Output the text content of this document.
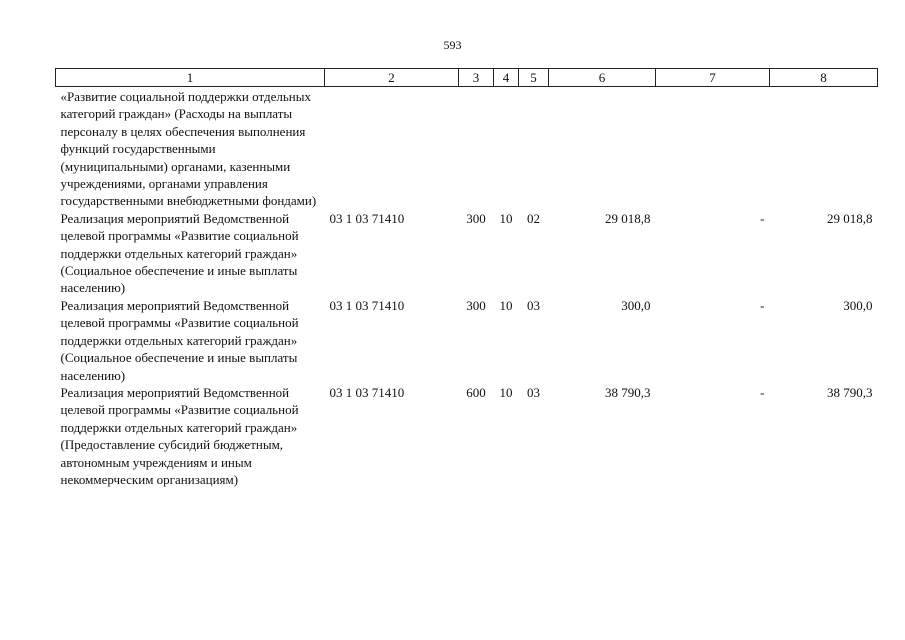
593
1	2	3	4	5	6	7	8
«Развитие социальной поддержки отдельных категорий граждан» (Расходы на выплаты персоналу в целях обеспечения выполнения функций государственными (муниципальными) органами, казенными учреждениями, органами управления государственными внебюджетными фондами)							
Реализация мероприятий Ведомственной целевой программы «Развитие социальной поддержки отдельных категорий граждан» (Социальное обеспечение и иные выплаты населению)	03 1 03 71410	300	10	02	29 018,8	-	29 018,8
Реализация мероприятий Ведомственной целевой программы «Развитие социальной поддержки отдельных категорий граждан» (Социальное обеспечение и иные выплаты населению)	03 1 03 71410	300	10	03	300,0	-	300,0
Реализация мероприятий Ведомственной целевой программы «Развитие социальной поддержки отдельных категорий граждан» (Предоставление субсидий бюджетным, автономным учреждениям и иным некоммерческим организациям)	03 1 03 71410	600	10	03	38 790,3	-	38 790,3
